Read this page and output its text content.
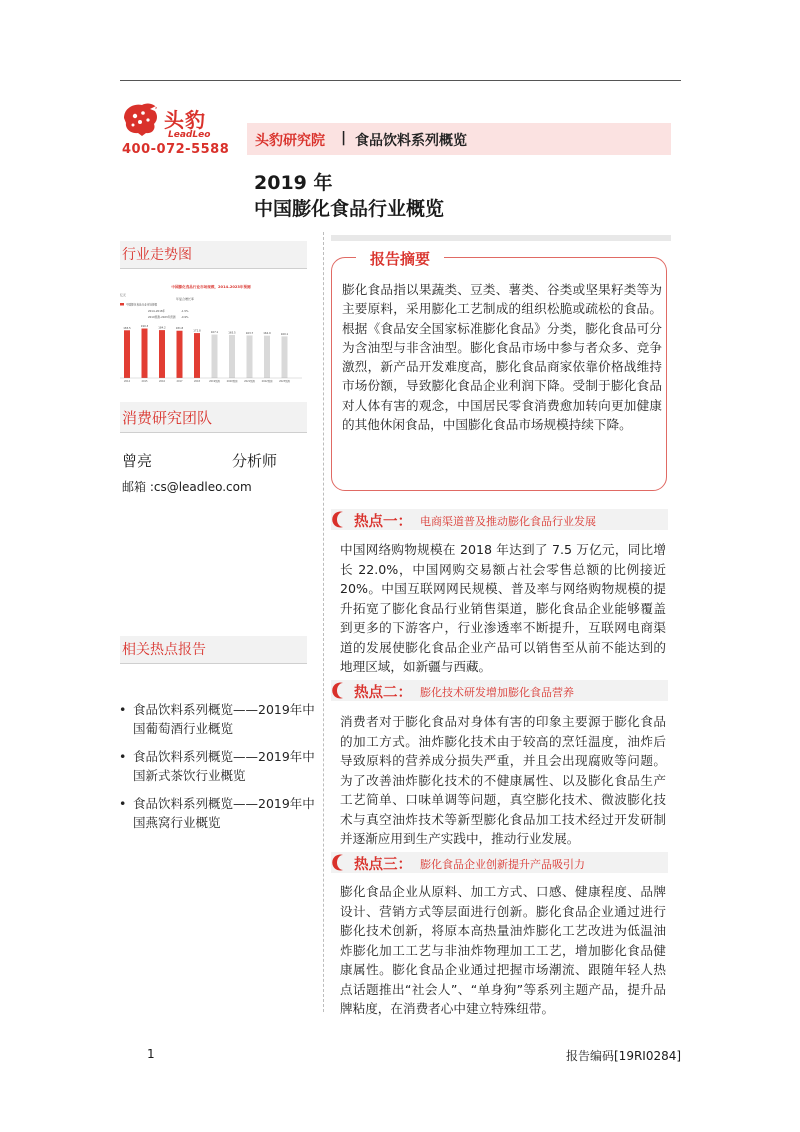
头豹
LeadLeo
400-072-5588
头豹研究院 | 食品饮料系列概览
2019 年
中国膨化食品行业概览
行业走势图
中国膨化食品行业市场规模，2014–2023年预测
亿元
年复合增长率
中国膨化食品行业市场规模
2014–2018年	-1.5%
2019预测–2023年预测 -0.9%
183.5
2014
190.3
2015
184.2
2016
181.8
2017
172.8
2018
167.1
2019预测
165.5
2020预测
163.7
2021预测
162.9
2022预测
160.1
2023预测
消费研究团队
曾亮	分析师
邮箱 :cs@leadleo.com
相关热点报告
• 食品饮料系列概览——2019年中国葡萄酒行业概览
• 食品饮料系列概览——2019年中国新式茶饮行业概览
• 食品饮料系列概览——2019年中国燕窝行业概览
报告摘要
膨化食品指以果蔬类、豆类、薯类、谷类或坚果籽类等为主要原料，采用膨化工艺制成的组织松脆或疏松的食品。根据《食品安全国家标准膨化食品》分类，膨化食品可分为含油型与非含油型。膨化食品市场中参与者众多、竞争激烈，新产品开发难度高，膨化食品商家依靠价格战维持市场份额，导致膨化食品企业利润下降。受制于膨化食品对人体有害的观念，中国居民零食消费愈加转向更加健康的其他休闲食品，中国膨化食品市场规模持续下降。
热点一： 电商渠道普及推动膨化食品行业发展
中国网络购物规模在 2018 年达到了 7.5 万亿元，同比增长 22.0%，中国网购交易额占社会零售总额的比例接近 20%。中国互联网网民规模、普及率与网络购物规模的提升拓宽了膨化食品行业销售渠道，膨化食品企业能够覆盖到更多的下游客户，行业渗透率不断提升，互联网电商渠道的发展使膨化食品企业产品可以销售至从前不能达到的地理区域，如新疆与西藏。
热点二： 膨化技术研发增加膨化食品营养
消费者对于膨化食品对身体有害的印象主要源于膨化食品的加工方式。油炸膨化技术由于较高的烹饪温度，油炸后导致原料的营养成分损失严重，并且会出现腐败等问题。为了改善油炸膨化技术的不健康属性、以及膨化食品生产工艺简单、口味单调等问题，真空膨化技术、微波膨化技术与真空油炸技术等新型膨化食品加工技术经过开发研制并逐渐应用到生产实践中，推动行业发展。
热点三： 膨化食品企业创新提升产品吸引力
膨化食品企业从原料、加工方式、口感、健康程度、品牌设计、营销方式等层面进行创新。膨化食品企业通过进行膨化技术创新，将原本高热量油炸膨化工艺改进为低温油炸膨化加工工艺与非油炸物理加工工艺，增加膨化食品健康属性。膨化食品企业通过把握市场潮流、跟随年轻人热点话题推出“社会人”、“单身狗”等系列主题产品，提升品牌粘度，在消费者心中建立特殊纽带。
1	报告编码[19RI0284]
